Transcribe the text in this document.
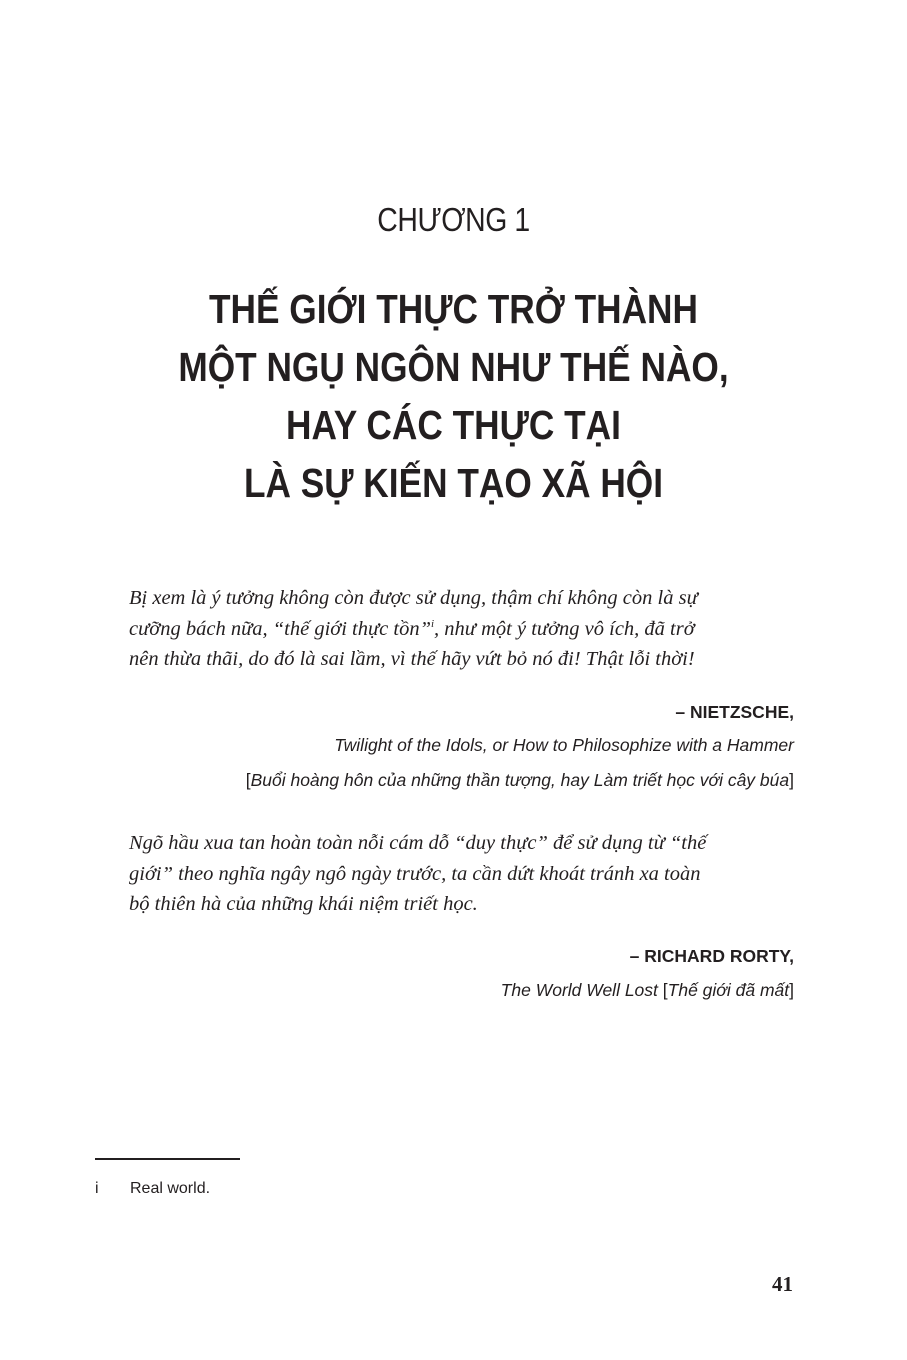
CHƯƠNG 1
THẾ GIỚI THỰC TRỞ THÀNH
MỘT NGỤ NGÔN NHƯ THẾ NÀO,
HAY CÁC THỰC TẠI
LÀ SỰ KIẾN TẠO XÃ HỘI

Bị xem là ý tưởng không còn được sử dụng, thậm chí không còn là sự
cưỡng bách nữa, “thế giới thực tồn”$^i$, như một ý tưởng vô ích, đã trở
nên thừa thãi, do đó là sai lầm, vì thế hãy vứt bỏ nó đi! Thật lỗi thời!

– NIETZSCHE,
Twilight of the Idols, or How to Philosophize with a Hammer
[Buổi hoàng hôn của những thần tượng, hay Làm triết học với cây búa]

Ngõ hầu xua tan hoàn toàn nỗi cám dỗ “duy thực” để sử dụng từ “thế
giới” theo nghĩa ngây ngô ngày trước, ta cần dứt khoát tránh xa toàn
bộ thiên hà của những khái niệm triết học.

– RICHARD RORTY,
The World Well Lost [Thế giới đã mất]
i Real world.
41
